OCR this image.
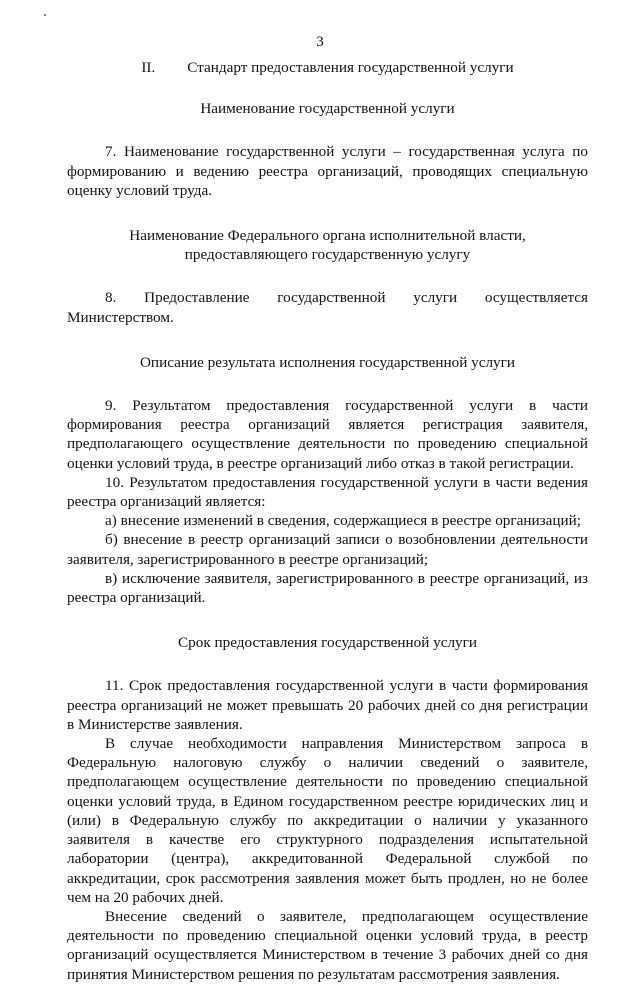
3

II. Стандарт предоставления государственной услуги

Наименование государственной услуги

7. Наименование государственной услуги – государственная услуга по формированию и ведению реестра организаций, проводящих специальную оценку условий труда.

Наименование Федерального органа исполнительной власти, предоставляющего государственную услугу

8. Предоставление государственной услуги осуществляется Министерством.

Описание результата исполнения государственной услуги

9. Результатом предоставления государственной услуги в части формирования реестра организаций является регистрация заявителя, предполагающего осуществление деятельности по проведению специальной оценки условий труда, в реестре организаций либо отказ в такой регистрации.

10. Результатом предоставления государственной услуги в части ведения реестра организаций является:

а) внесение изменений в сведения, содержащиеся в реестре организаций;

б) внесение в реестр организаций записи о возобновлении деятельности заявителя, зарегистрированного в реестре организаций;

в) исключение заявителя, зарегистрированного в реестре организаций, из реестра организаций.

Срок предоставления государственной услуги

11. Срок предоставления государственной услуги в части формирования реестра организаций не может превышать 20 рабочих дней со дня регистрации в Министерстве заявления.

В случае необходимости направления Министерством запроса в Федеральную налоговую службу о наличии сведений о заявителе, предполагающем осуществление деятельности по проведению специальной оценки условий труда, в Едином государственном реестре юридических лиц и (или) в Федеральную службу по аккредитации о наличии у указанного заявителя в качестве его структурного подразделения испытательной лаборатории (центра), аккредитованной Федеральной службой по аккредитации, срок рассмотрения заявления может быть продлен, но не более чем на 20 рабочих дней.

Внесение сведений о заявителе, предполагающем осуществление деятельности по проведению специальной оценки условий труда, в реестр организаций осуществляется Министерством в течение 3 рабочих дней со дня принятия Министерством решения по результатам рассмотрения заявления.
